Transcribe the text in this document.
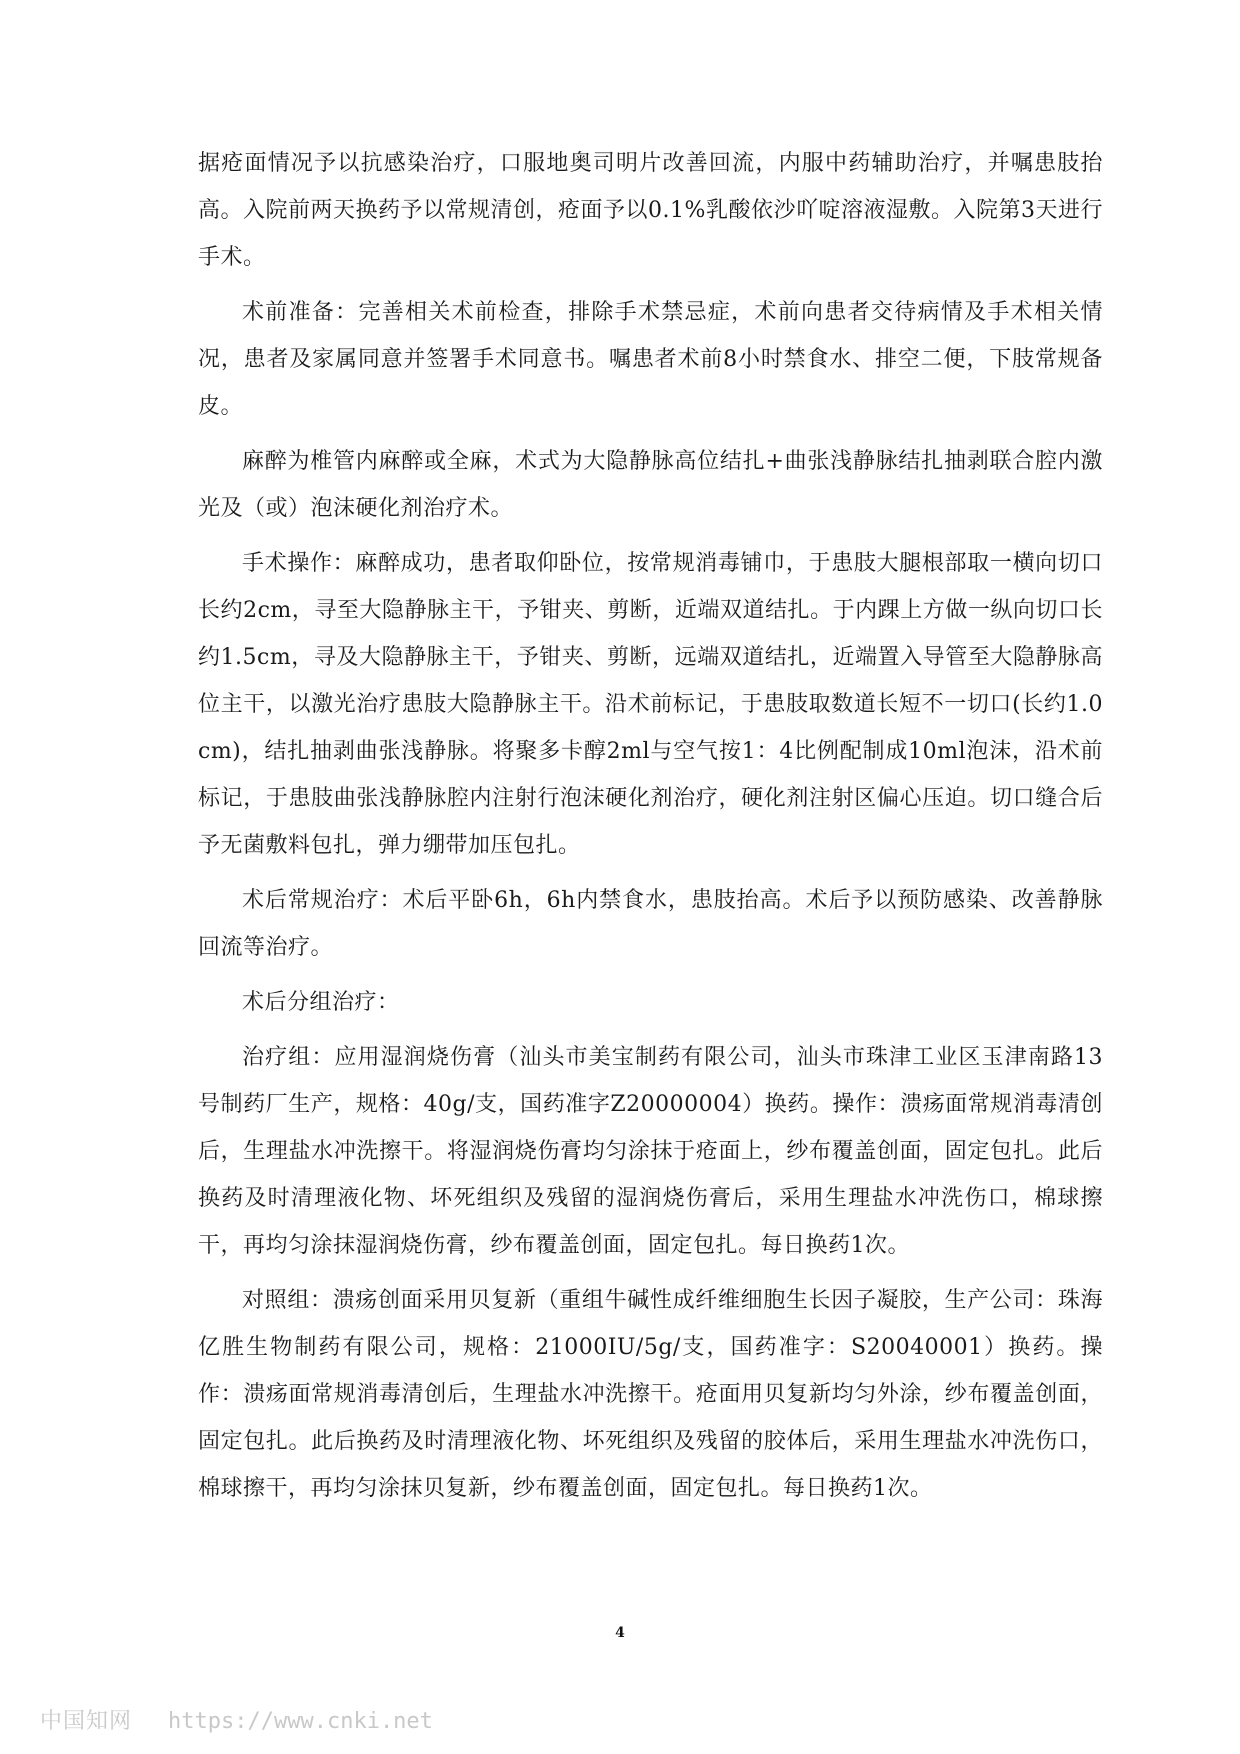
据疮面情况予以抗感染治疗，口服地奥司明片改善回流，内服中药辅助治疗，并嘱患肢抬高。入院前两天换药予以常规清创，疮面予以0.1%乳酸依沙吖啶溶液湿敷。入院第3天进行手术。

术前准备：完善相关术前检查，排除手术禁忌症，术前向患者交待病情及手术相关情况，患者及家属同意并签署手术同意书。嘱患者术前8小时禁食水、排空二便，下肢常规备皮。

麻醉为椎管内麻醉或全麻，术式为大隐静脉高位结扎+曲张浅静脉结扎抽剥联合腔内激光及（或）泡沫硬化剂治疗术。

手术操作：麻醉成功，患者取仰卧位，按常规消毒铺巾，于患肢大腿根部取一横向切口长约2cm，寻至大隐静脉主干，予钳夹、剪断，近端双道结扎。于内踝上方做一纵向切口长约1.5cm，寻及大隐静脉主干，予钳夹、剪断，远端双道结扎，近端置入导管至大隐静脉高位主干，以激光治疗患肢大隐静脉主干。沿术前标记，于患肢取数道长短不一切口(长约1.0cm)，结扎抽剥曲张浅静脉。将聚多卡醇2ml与空气按1：4比例配制成10ml泡沫，沿术前标记，于患肢曲张浅静脉腔内注射行泡沫硬化剂治疗，硬化剂注射区偏心压迫。切口缝合后予无菌敷料包扎，弹力绷带加压包扎。

术后常规治疗：术后平卧6h，6h内禁食水，患肢抬高。术后予以预防感染、改善静脉回流等治疗。

术后分组治疗：

治疗组：应用湿润烧伤膏（汕头市美宝制药有限公司，汕头市珠津工业区玉津南路13号制药厂生产，规格：40g/支，国药准字Z20000004）换药。操作：溃疡面常规消毒清创后，生理盐水冲洗擦干。将湿润烧伤膏均匀涂抹于疮面上，纱布覆盖创面，固定包扎。此后换药及时清理液化物、坏死组织及残留的湿润烧伤膏后，采用生理盐水冲洗伤口，棉球擦干，再均匀涂抹湿润烧伤膏，纱布覆盖创面，固定包扎。每日换药1次。

对照组：溃疡创面采用贝复新（重组牛碱性成纤维细胞生长因子凝胶，生产公司：珠海亿胜生物制药有限公司，规格：21000IU/5g/支，国药准字：S20040001）换药。操作：溃疡面常规消毒清创后，生理盐水冲洗擦干。疮面用贝复新均匀外涂，纱布覆盖创面，固定包扎。此后换药及时清理液化物、坏死组织及残留的胶体后，采用生理盐水冲洗伤口，棉球擦干，再均匀涂抹贝复新，纱布覆盖创面，固定包扎。每日换药1次。

4
中国知网 https://www.cnki.net
